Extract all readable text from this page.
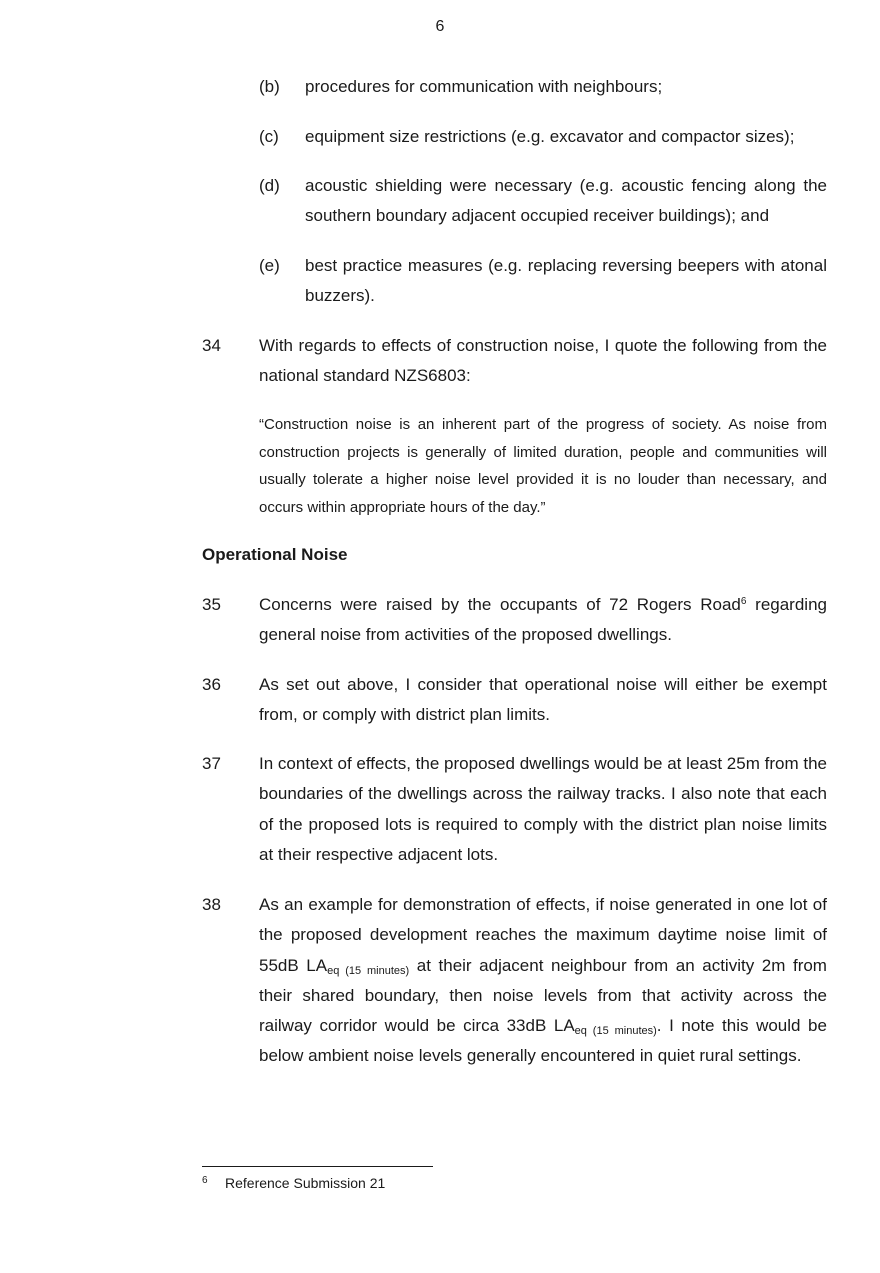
6
(b) procedures for communication with neighbours;
(c) equipment size restrictions (e.g. excavator and compactor sizes);
(d) acoustic shielding were necessary (e.g. acoustic fencing along the southern boundary adjacent occupied receiver buildings); and
(e) best practice measures (e.g. replacing reversing beepers with atonal buzzers).
34 With regards to effects of construction noise, I quote the following from the national standard NZS6803:
“Construction noise is an inherent part of the progress of society. As noise from construction projects is generally of limited duration, people and communities will usually tolerate a higher noise level provided it is no louder than necessary, and occurs within appropriate hours of the day.”
Operational Noise
35 Concerns were raised by the occupants of 72 Rogers Road$^6$ regarding general noise from activities of the proposed dwellings.
36 As set out above, I consider that operational noise will either be exempt from, or comply with district plan limits.
37 In context of effects, the proposed dwellings would be at least 25m from the boundaries of the dwellings across the railway tracks. I also note that each of the proposed lots is required to comply with the district plan noise limits at their respective adjacent lots.
38 As an example for demonstration of effects, if noise generated in one lot of the proposed development reaches the maximum daytime noise limit of 55dB $LA_{eq (15 minutes)}$ at their adjacent neighbour from an activity 2m from their shared boundary, then noise levels from that activity across the railway corridor would be circa 33dB $LA_{eq (15 minutes)}$. I note this would be below ambient noise levels generally encountered in quiet rural settings.
6 Reference Submission 21
